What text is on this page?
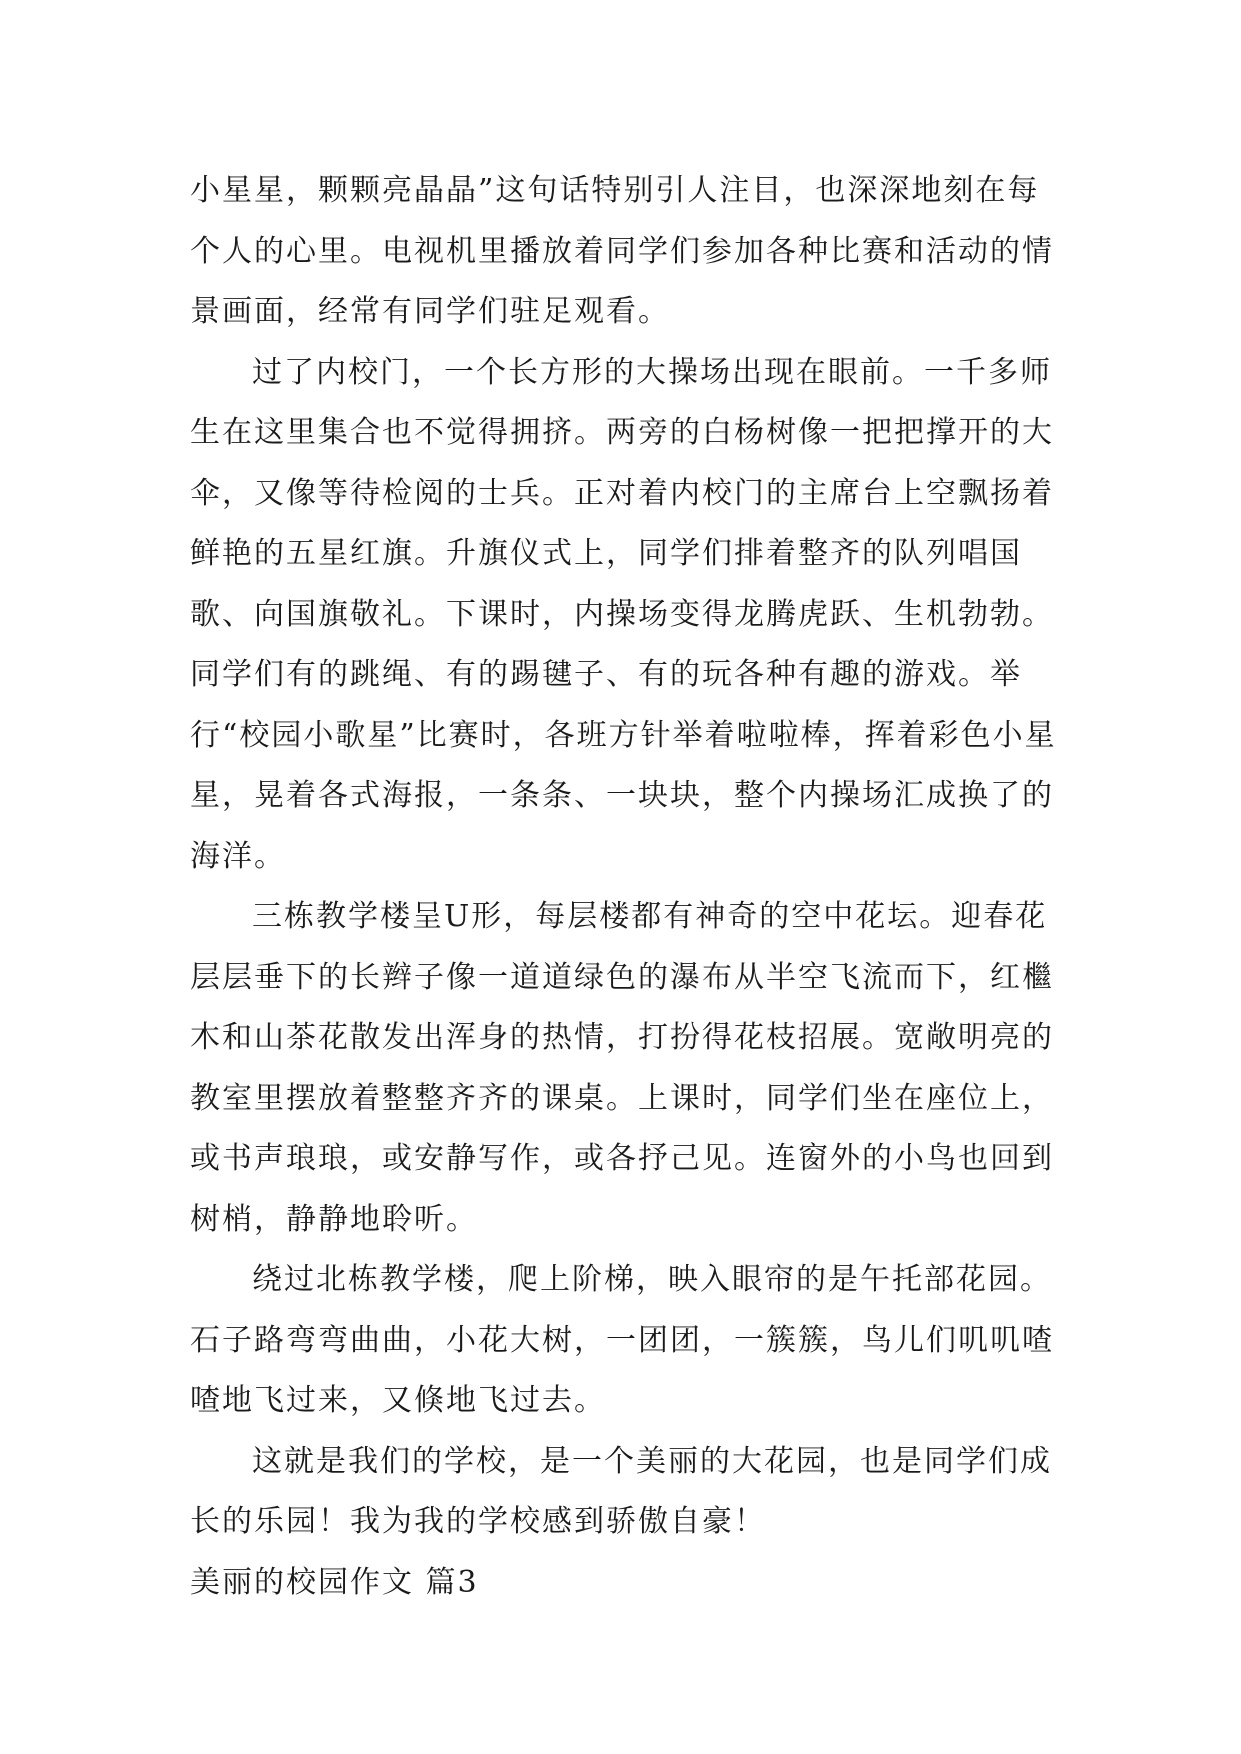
小星星，颗颗亮晶晶”这句话特别引人注目，也深深地刻在每个人的心里。电视机里播放着同学们参加各种比赛和活动的情景画面，经常有同学们驻足观看。

过了内校门，一个长方形的大操场出现在眼前。一千多师生在这里集合也不觉得拥挤。两旁的白杨树像一把把撑开的大伞，又像等待检阅的士兵。正对着内校门的主席台上空飘扬着鲜艳的五星红旗。升旗仪式上，同学们排着整齐的队列唱国歌、向国旗敬礼。下课时，内操场变得龙腾虎跃、生机勃勃。同学们有的跳绳、有的踢毽子、有的玩各种有趣的游戏。举行“校园小歌星”比赛时，各班方针举着啦啦棒，挥着彩色小星星，晃着各式海报，一条条、一块块，整个内操场汇成换了的海洋。

三栋教学楼呈U形，每层楼都有神奇的空中花坛。迎春花层层垂下的长辫子像一道道绿色的瀑布从半空飞流而下，红檵木和山茶花散发出浑身的热情，打扮得花枝招展。宽敞明亮的教室里摆放着整整齐齐的课桌。上课时，同学们坐在座位上，或书声琅琅，或安静写作，或各抒己见。连窗外的小鸟也回到树梢，静静地聆听。

绕过北栋教学楼，爬上阶梯，映入眼帘的是午托部花园。石子路弯弯曲曲，小花大树，一团团，一簇簇，鸟儿们叽叽喳喳地飞过来，又倏地飞过去。

这就是我们的学校，是一个美丽的大花园，也是同学们成长的乐园！我为我的学校感到骄傲自豪！

美丽的校园作文 篇3
